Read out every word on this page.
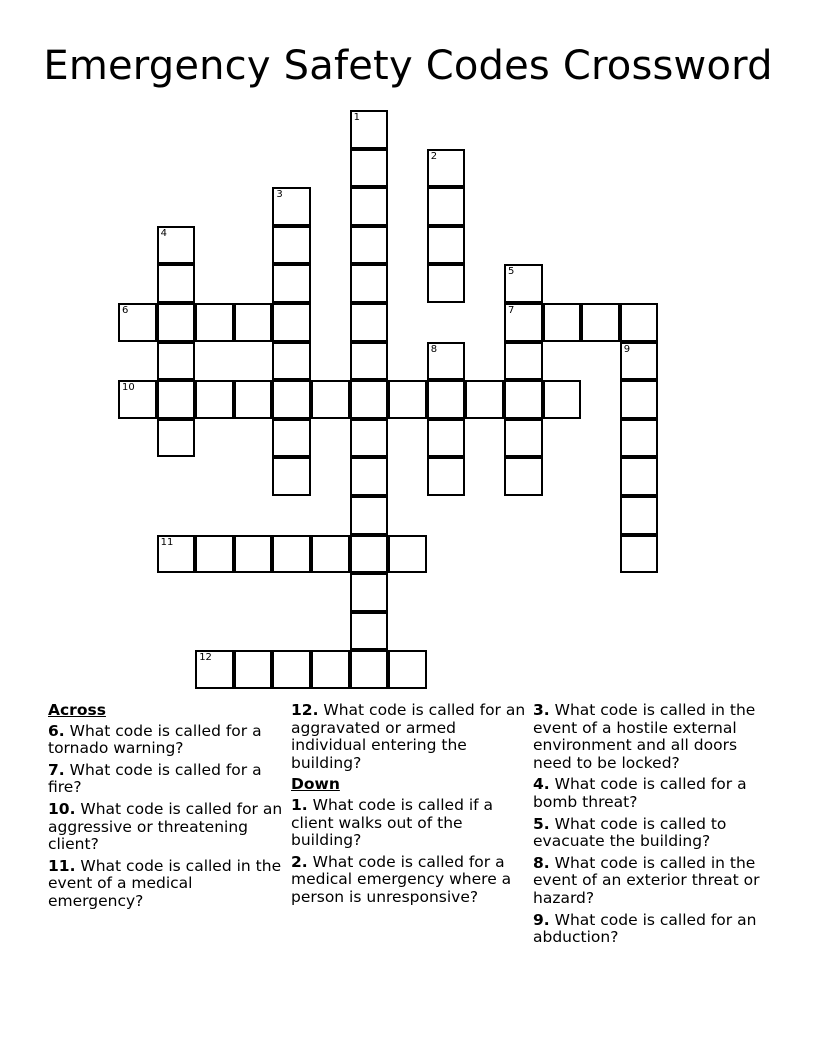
Emergency Safety Codes Crossword
1
2
3
4
5
7
6
8	9
10
11
12
Across
6. What code is called for a tornado warning?
7. What code is called for a fire?
10. What code is called for an aggressive or threatening client?
11. What code is called in the event of a medical emergency?
12. What code is called for an aggravated or armed individual entering the building?
Down
1. What code is called if a client walks out of the building?
2. What code is called for a medical emergency where a person is unresponsive?
3. What code is called in the event of a hostile external environment and all doors need to be locked?
4. What code is called for a bomb threat?
5. What code is called to evacuate the building?
8. What code is called in the event of an exterior threat or hazard?
9. What code is called for an abduction?
